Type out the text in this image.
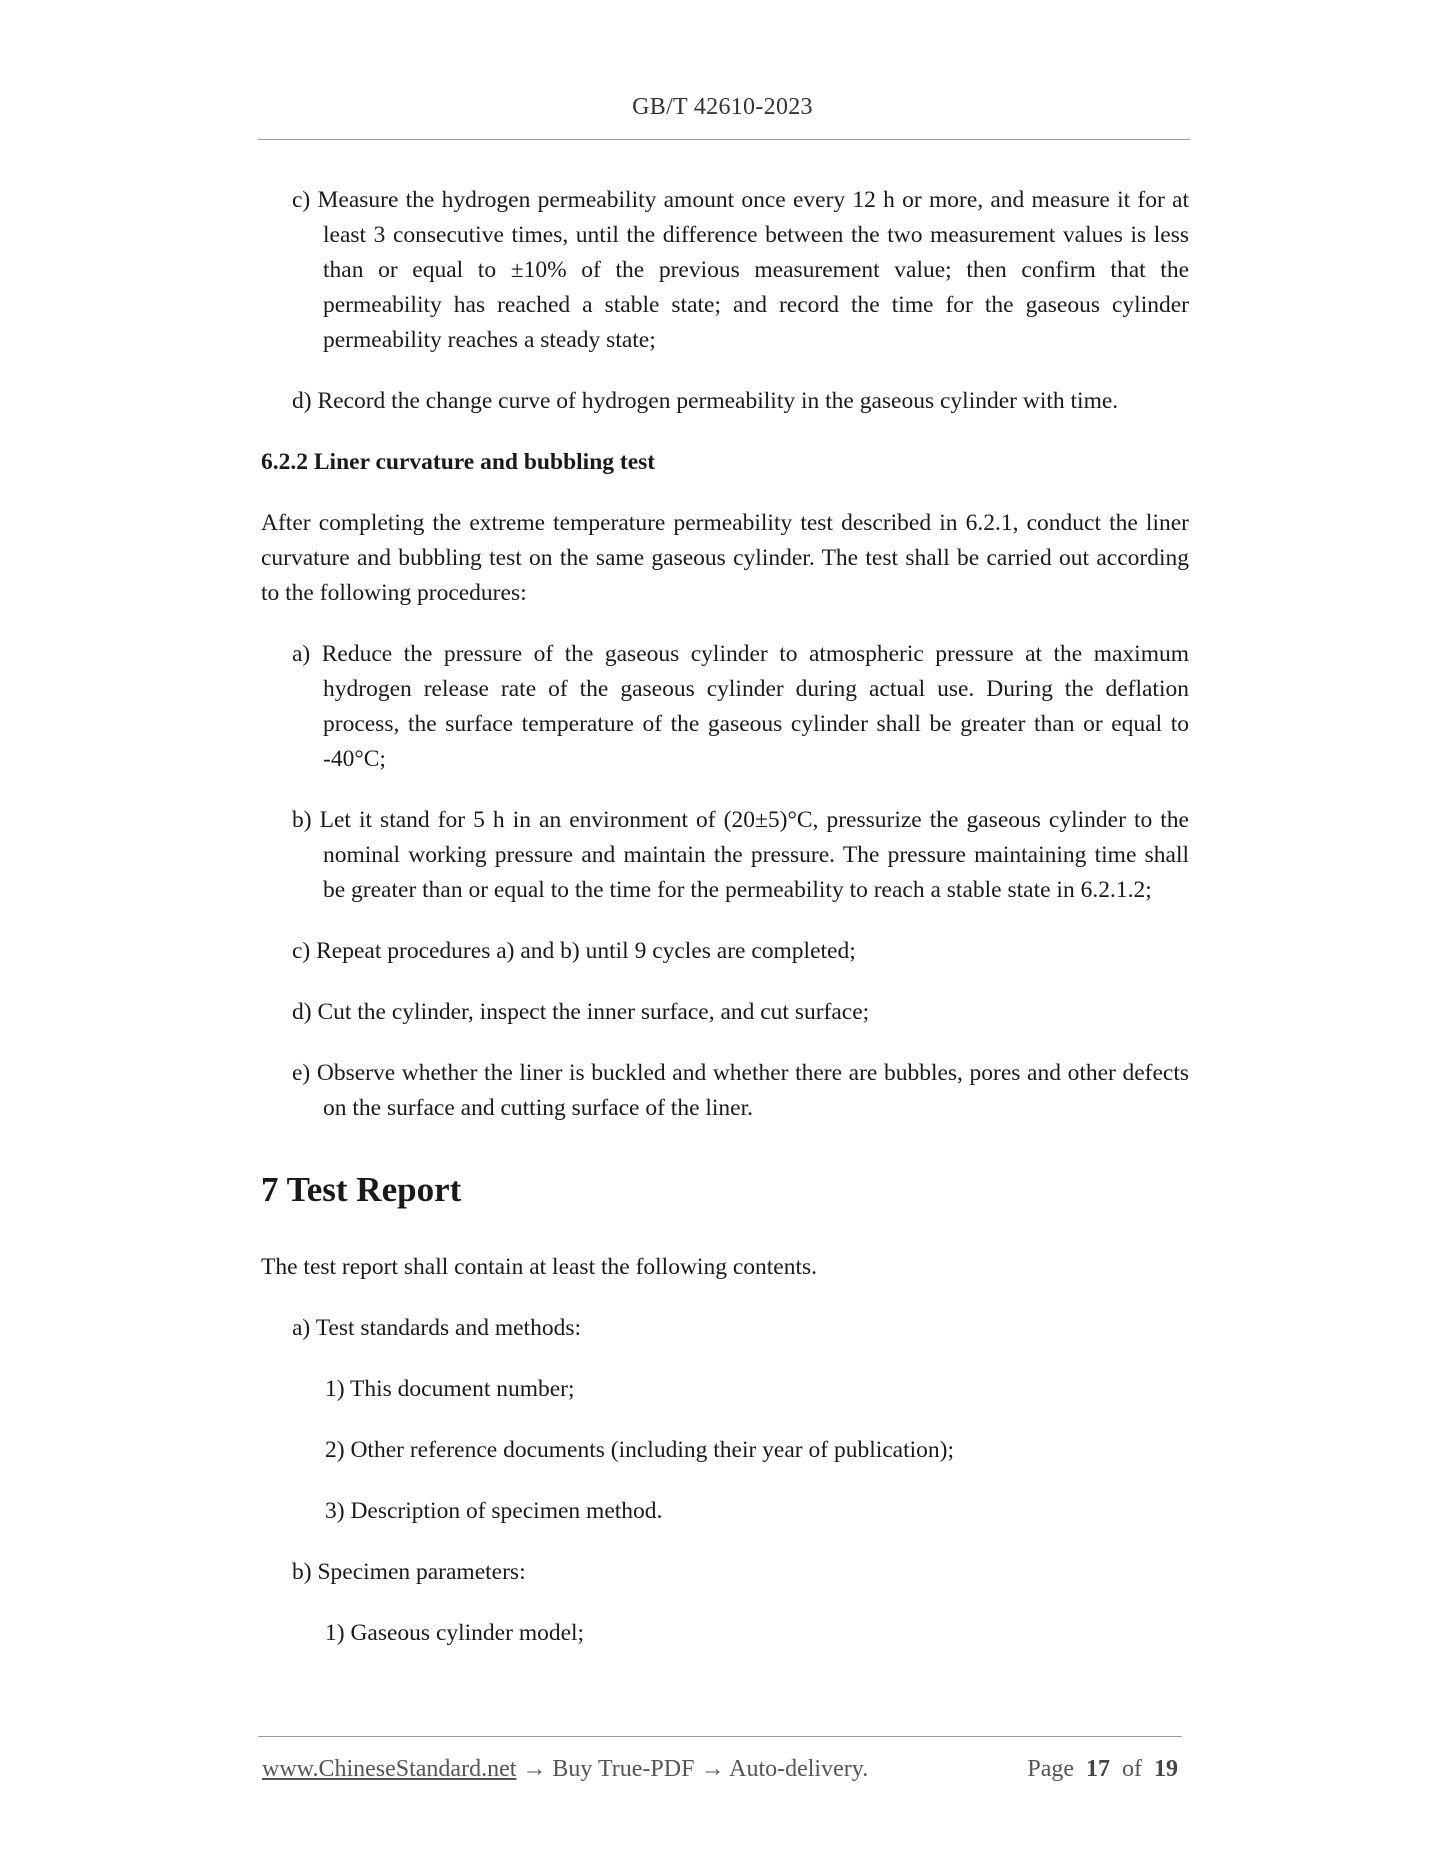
GB/T 42610-2023

c) Measure the hydrogen permeability amount once every 12 h or more, and measure it for at least 3 consecutive times, until the difference between the two measurement values is less than or equal to ±10% of the previous measurement value; then confirm that the permeability has reached a stable state; and record the time for the gaseous cylinder permeability reaches a steady state;

d) Record the change curve of hydrogen permeability in the gaseous cylinder with time.

6.2.2 Liner curvature and bubbling test

After completing the extreme temperature permeability test described in 6.2.1, conduct the liner curvature and bubbling test on the same gaseous cylinder. The test shall be carried out according to the following procedures:

a) Reduce the pressure of the gaseous cylinder to atmospheric pressure at the maximum hydrogen release rate of the gaseous cylinder during actual use. During the deflation process, the surface temperature of the gaseous cylinder shall be greater than or equal to -40°C;

b) Let it stand for 5 h in an environment of (20±5)°C, pressurize the gaseous cylinder to the nominal working pressure and maintain the pressure. The pressure maintaining time shall be greater than or equal to the time for the permeability to reach a stable state in 6.2.1.2;

c) Repeat procedures a) and b) until 9 cycles are completed;

d) Cut the cylinder, inspect the inner surface, and cut surface;

e) Observe whether the liner is buckled and whether there are bubbles, pores and other defects on the surface and cutting surface of the liner.

7 Test Report

The test report shall contain at least the following contents.

a) Test standards and methods:

1) This document number;

2) Other reference documents (including their year of publication);

3) Description of specimen method.

b) Specimen parameters:

1) Gaseous cylinder model;

www.ChineseStandard.net → Buy True-PDF → Auto-delivery.	Page 17 of 19
